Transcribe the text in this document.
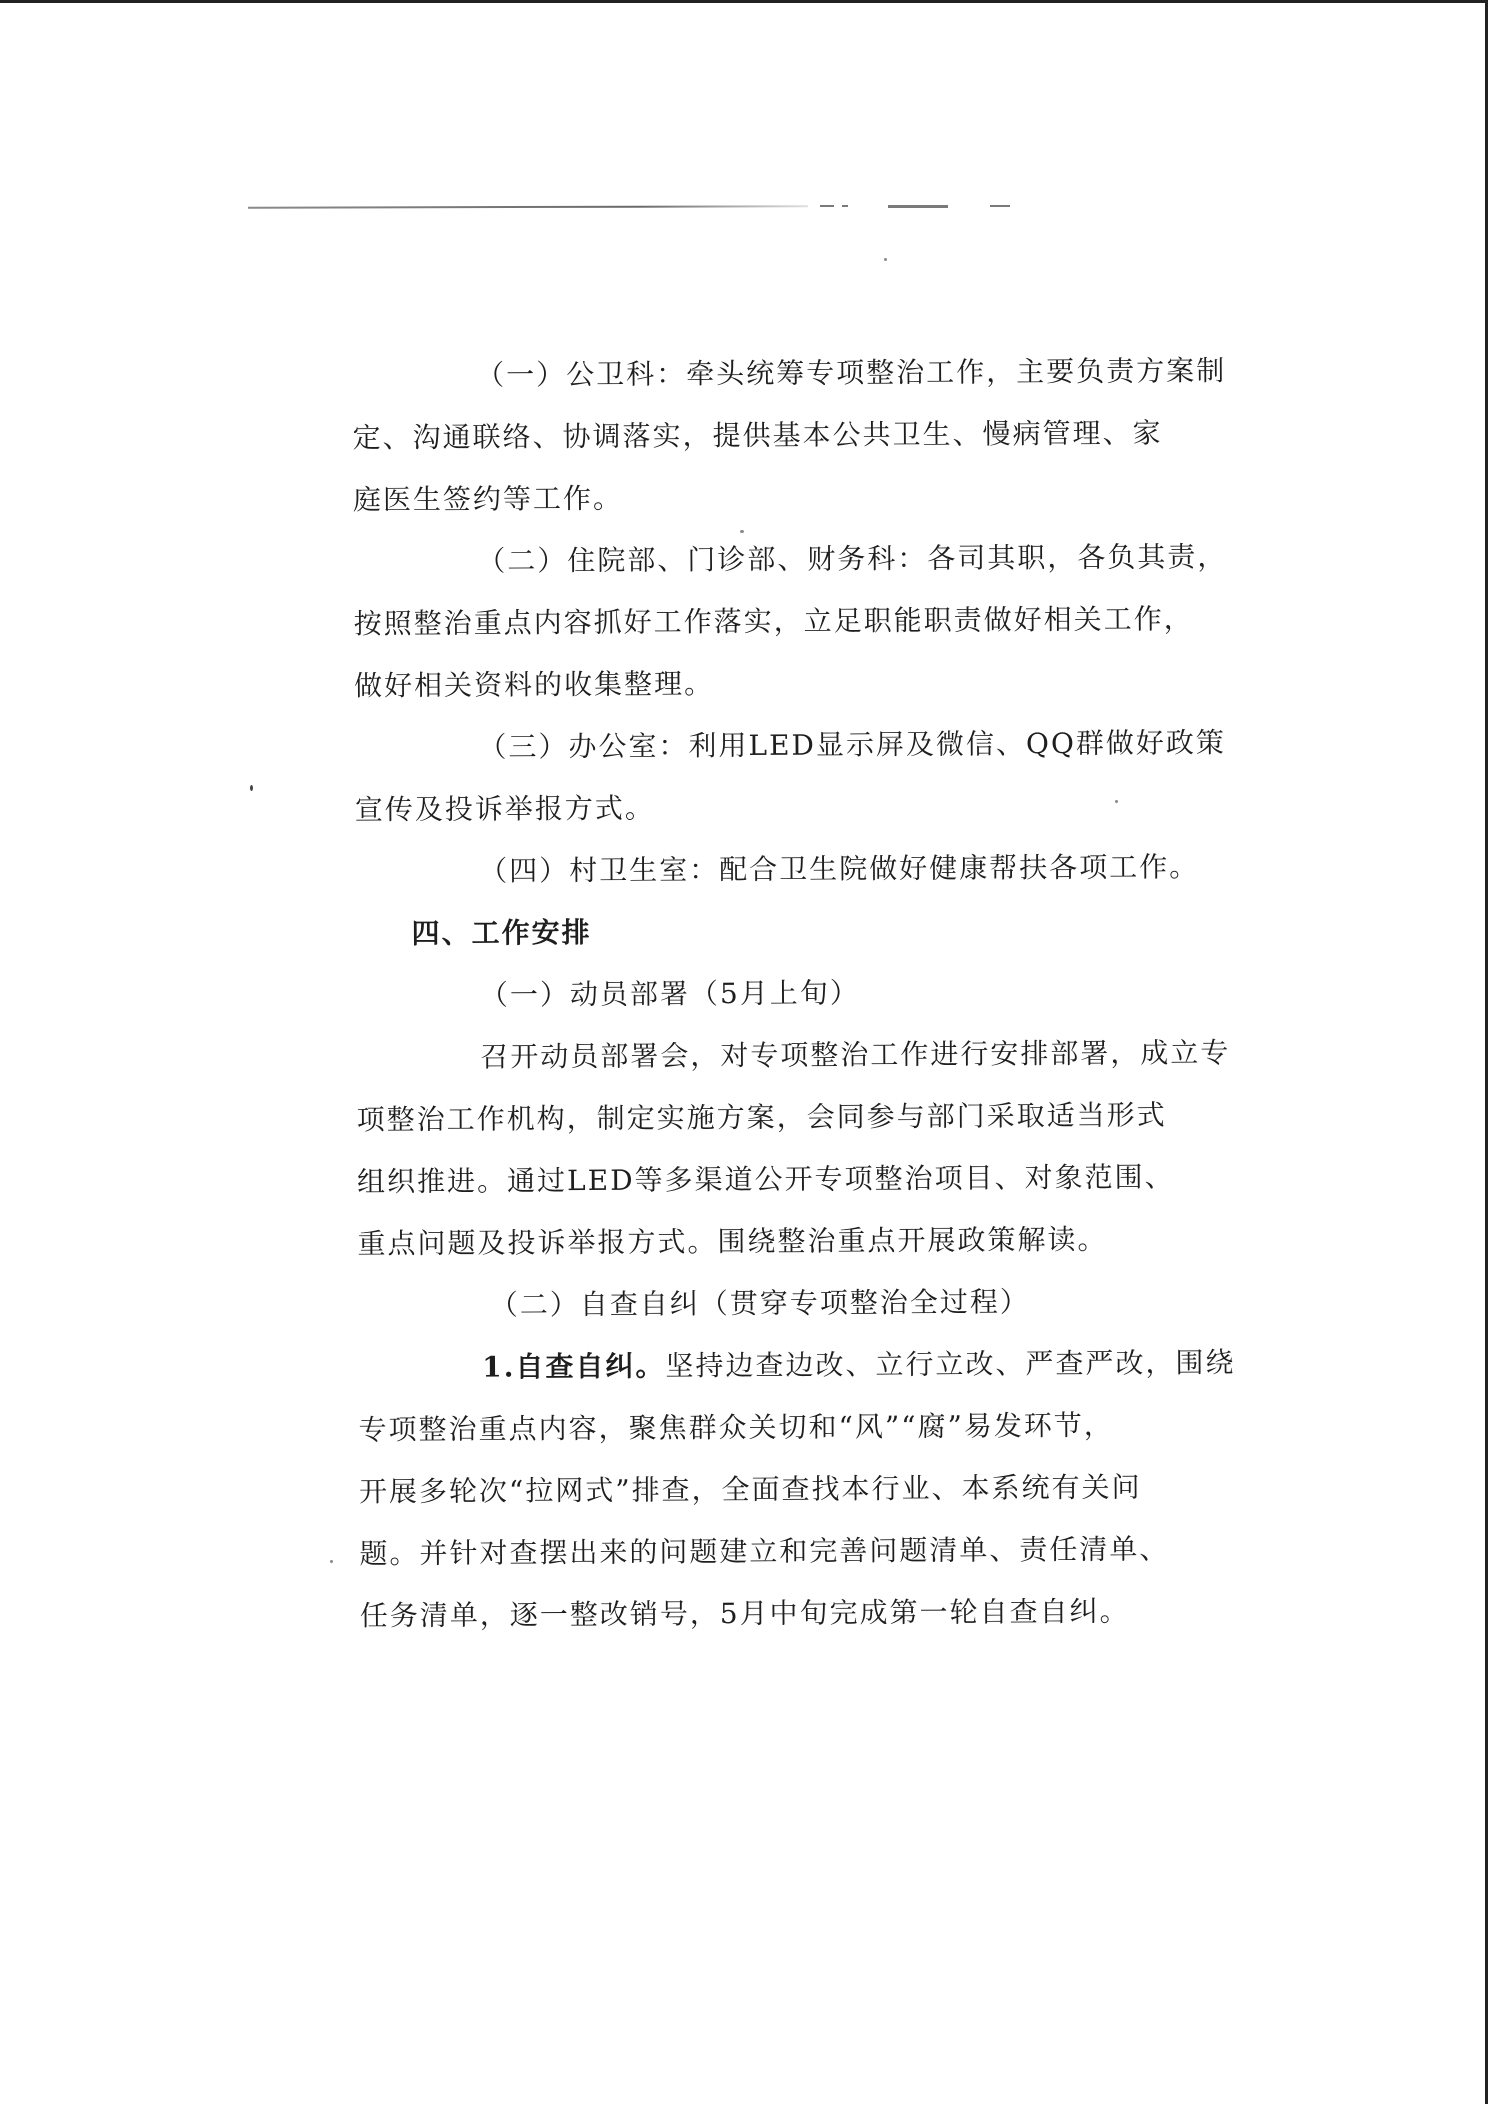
（一）公卫科：牵头统筹专项整治工作，主要负责方案制
定、沟通联络、协调落实，提供基本公共卫生、慢病管理、家
庭医生签约等工作。
（二）住院部、门诊部、财务科：各司其职，各负其责，
按照整治重点内容抓好工作落实，立足职能职责做好相关工作，
做好相关资料的收集整理。
（三）办公室：利用LED显示屏及微信、QQ群做好政策
宣传及投诉举报方式。
（四）村卫生室：配合卫生院做好健康帮扶各项工作。
四、工作安排
（一）动员部署（5月上旬）
召开动员部署会，对专项整治工作进行安排部署，成立专
项整治工作机构，制定实施方案，会同参与部门采取适当形式
组织推进。通过LED等多渠道公开专项整治项目、对象范围、
重点问题及投诉举报方式。围绕整治重点开展政策解读。
（二）自查自纠（贯穿专项整治全过程）
1.自查自纠。坚持边查边改、立行立改、严查严改，围绕
专项整治重点内容，聚焦群众关切和“风”“腐”易发环节，
开展多轮次“拉网式”排查，全面查找本行业、本系统有关问
题。并针对查摆出来的问题建立和完善问题清单、责任清单、
任务清单，逐一整改销号，5月中旬完成第一轮自查自纠。
